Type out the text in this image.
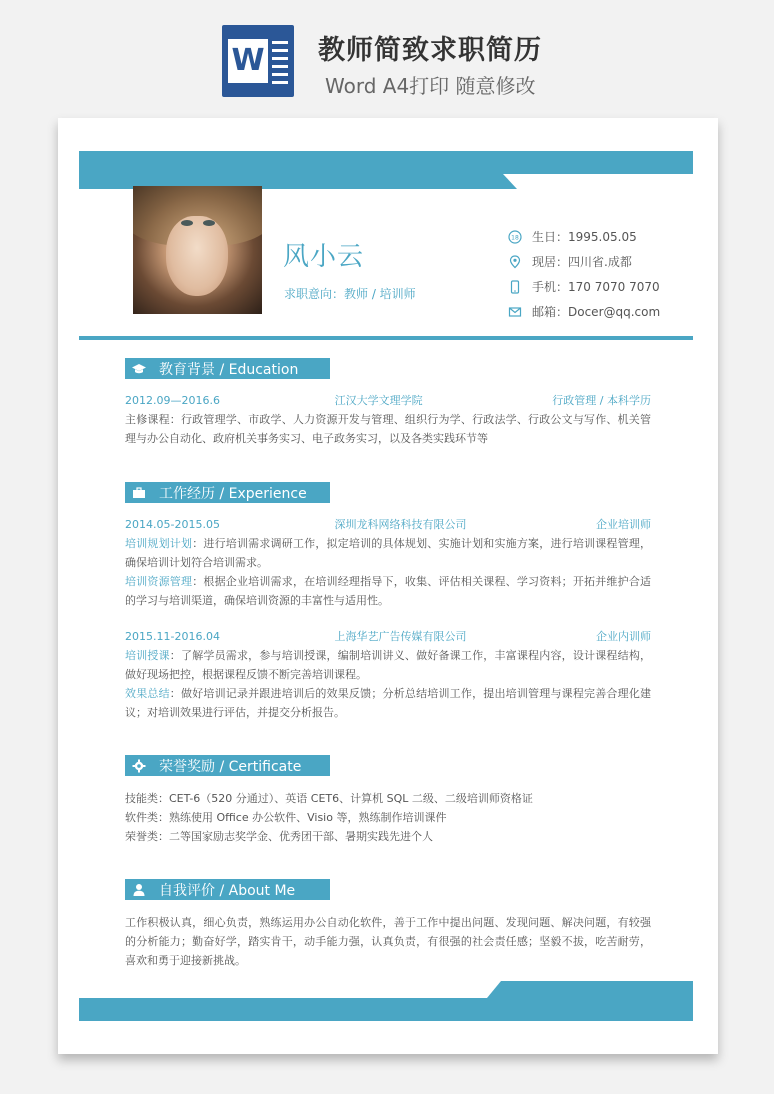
W 教师简致求职简历
Word A4打印 随意修改
风小云
求职意向：教师 / 培训师
18 生日：1995.05.05
现居：四川省.成都
手机：170 7070 7070
邮箱：Docer@qq.com
教育背景 / Education
2012.09—2016.6	江汉大学文理学院	行政管理 / 本科学历
主修课程：行政管理学、市政学、人力资源开发与管理、组织行为学、行政法学、行政公文与写作、机关管理与办公自动化、政府机关事务实习、电子政务实习，以及各类实践环节等
工作经历 / Experience
2014.05-2015.05	深圳龙科网络科技有限公司	企业培训师
培训规划计划：进行培训需求调研工作，拟定培训的具体规划、实施计划和实施方案，进行培训课程管理，确保培训计划符合培训需求。
培训资源管理：根据企业培训需求，在培训经理指导下，收集、评估相关课程、学习资料；开拓并维护合适的学习与培训渠道，确保培训资源的丰富性与适用性。
2015.11-2016.04	上海华艺广告传媒有限公司	企业内训师
培训授课：了解学员需求，参与培训授课，编制培训讲义、做好备课工作，丰富课程内容，设计课程结构，做好现场把控，根据课程反馈不断完善培训课程。
效果总结：做好培训记录并跟进培训后的效果反馈；分析总结培训工作，提出培训管理与课程完善合理化建议；对培训效果进行评估，并提交分析报告。
荣誉奖励 / Certificate
技能类：CET-6（520 分通过）、英语 CET6、计算机 SQL 二级、二级培训师资格证
软件类：熟练使用 Office 办公软件、Visio 等，熟练制作培训课件
荣誉类：二等国家励志奖学金、优秀团干部、暑期实践先进个人
自我评价 / About Me
工作积极认真，细心负责，熟练运用办公自动化软件，善于工作中提出问题、发现问题、解决问题，有较强的分析能力；勤奋好学，踏实肯干，动手能力强，认真负责，有很强的社会责任感；坚毅不拔，吃苦耐劳，喜欢和勇于迎接新挑战。
